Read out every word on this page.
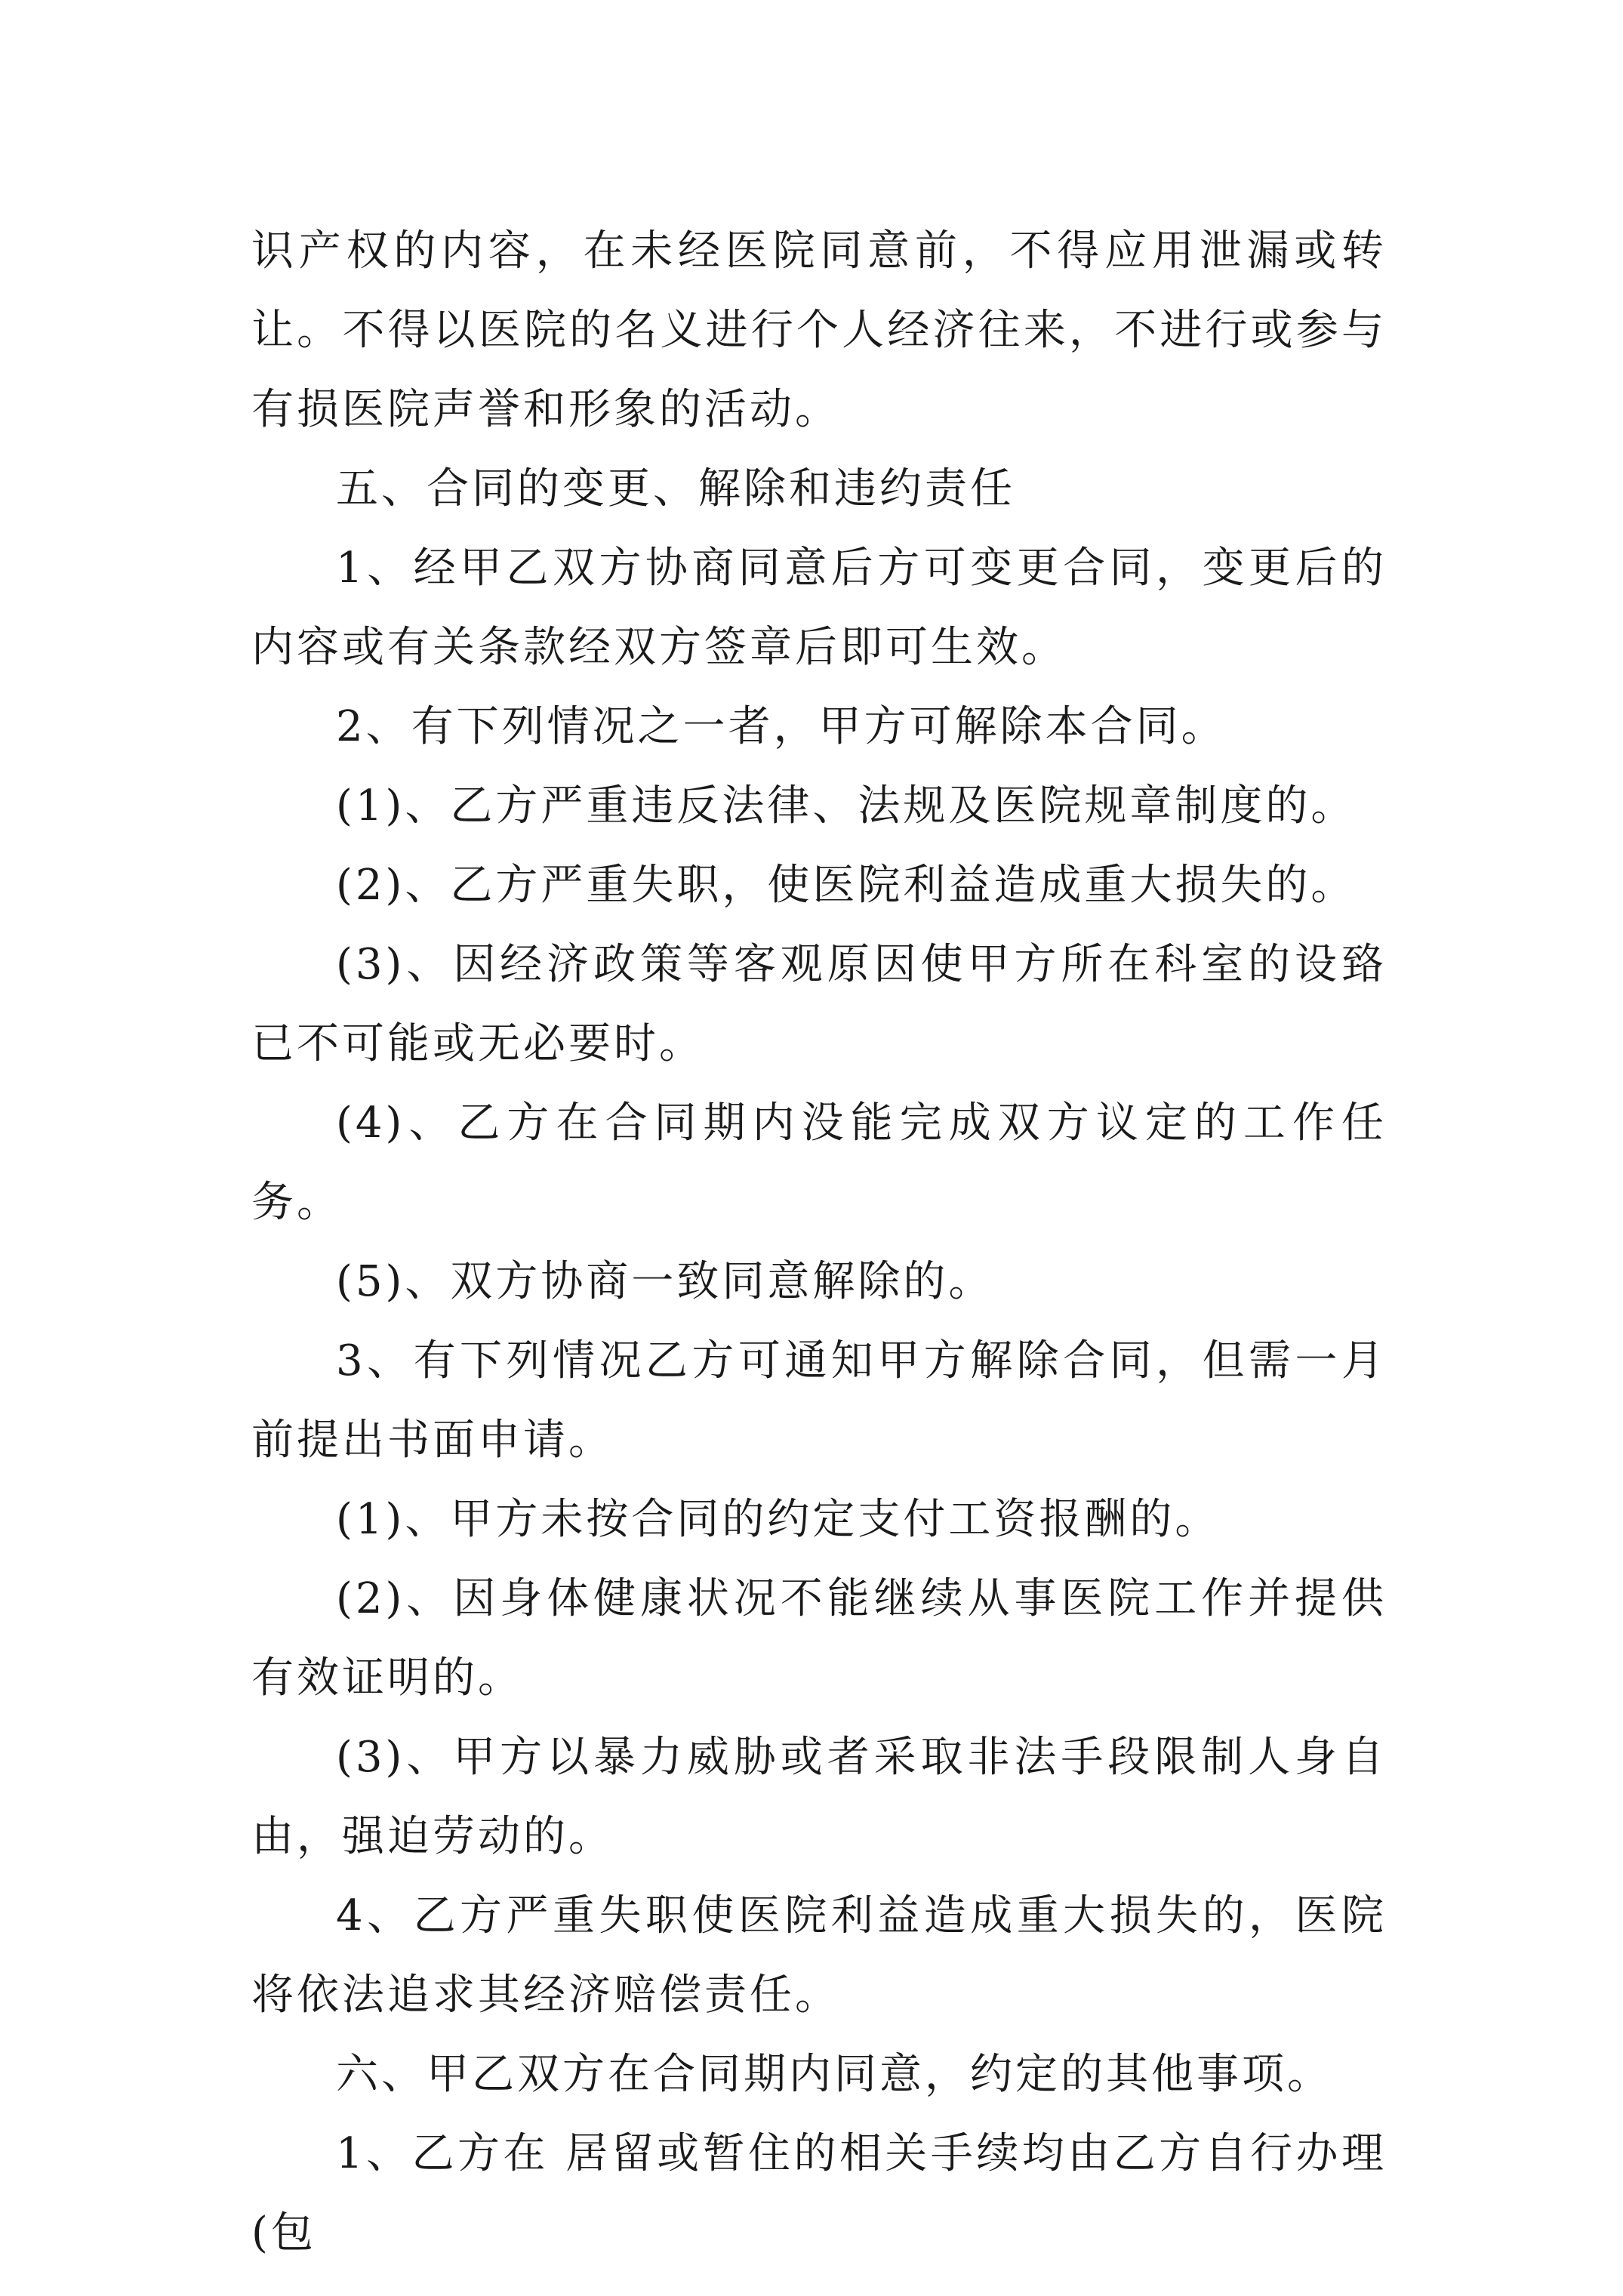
识产权的内容，在未经医院同意前，不得应用泄漏或转让。不得以医院的名义进行个人经济往来，不进行或参与有损医院声誉和形象的活动。

五、合同的变更、解除和违约责任

1、经甲乙双方协商同意后方可变更合同，变更后的内容或有关条款经双方签章后即可生效。

2、有下列情况之一者，甲方可解除本合同。

(1)、乙方严重违反法律、法规及医院规章制度的。

(2)、乙方严重失职，使医院利益造成重大损失的。

(3)、因经济政策等客观原因使甲方所在科室的设臵已不可能或无必要时。

(4)、乙方在合同期内没能完成双方议定的工作任务。

(5)、双方协商一致同意解除的。

3、有下列情况乙方可通知甲方解除合同，但需一月前提出书面申请。

(1)、甲方未按合同的约定支付工资报酬的。

(2)、因身体健康状况不能继续从事医院工作并提供有效证明的。

(3)、甲方以暴力威胁或者采取非法手段限制人身自由，强迫劳动的。

4、乙方严重失职使医院利益造成重大损失的，医院将依法追求其经济赔偿责任。

六、甲乙双方在合同期内同意，约定的其他事项。

1、乙方在 居留或暂住的相关手续均由乙方自行办理(包
